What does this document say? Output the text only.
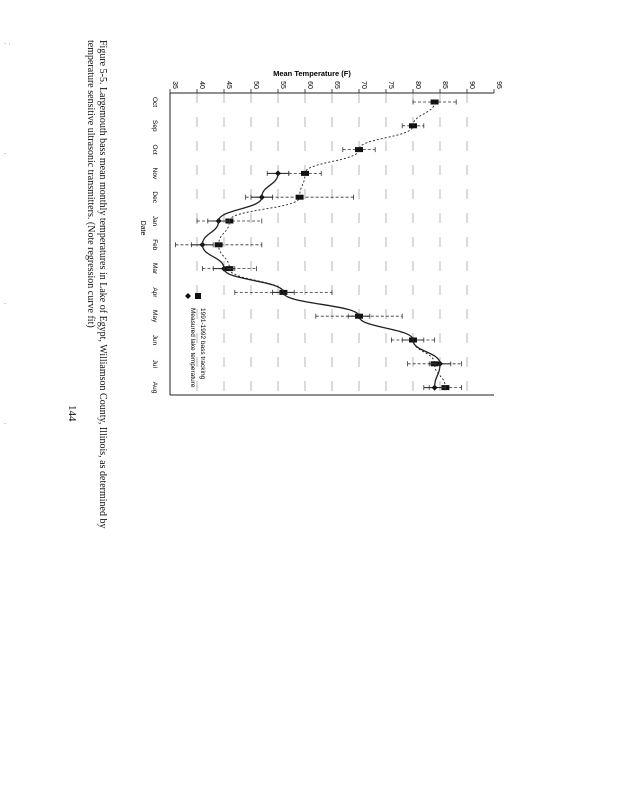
35	40	45	50	55	60	65	70	75	80	85	90	95
Mean Temperature (F)
Date
Oct
Sep
Oct
Nov
Dec
Jan
Feb
Mar
Apr
May
Jun
Jul
Aug
1991-1992 bass tracking
Measured lake temperature
Figure 5-5. Largemouth bass mean monthly temperatures in Lake of Egypt, Williamson County, Illinois, as determined by
temperature sensitive ultrasonic transmitters. (Note regression curve fit)
144
· ·
·
·
·
